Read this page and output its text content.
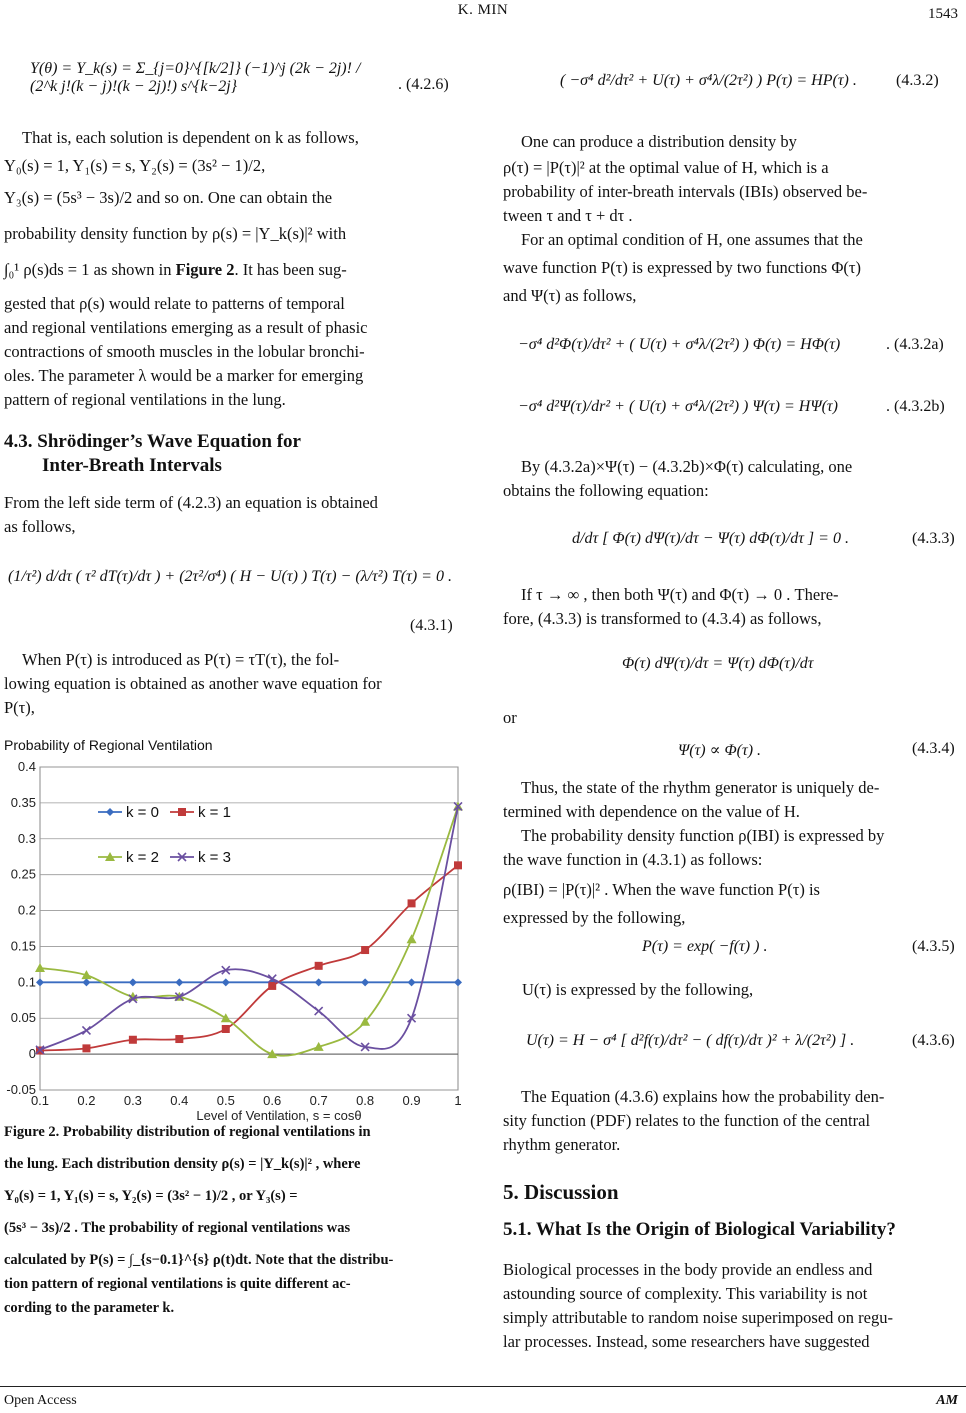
K. MIN	1543
Y(θ) = Y_k(s) = Σ_{j=0}^{[k/2]} (−1)^j (2k − 2j)! / (2^k j!(k − j)!(k − 2j)!) s^{k−2j}	. (4.2.6)
That is, each solution is dependent on k as follows,
Y₀(s) = 1, Y₁(s) = s, Y₂(s) = (3s² − 1)/2,
Y₃(s) = (5s³ − 3s)/2 and so on. One can obtain the
probability density function by ρ(s) = |Y_k(s)|² with
∫₀¹ ρ(s)ds = 1 as shown in Figure 2. It has been sug-
gested that ρ(s) would relate to patterns of temporal
and regional ventilations emerging as a result of phasic
contractions of smooth muscles in the lobular bronchi-
oles. The parameter λ would be a marker for emerging
pattern of regional ventilations in the lung.
4.3. Shrödinger’s Wave Equation for
Inter-Breath Intervals
From the left side term of (4.2.3) an equation is obtained
as follows,
(1/τ²) d/dτ ( τ² dT(τ)/dτ ) + (2τ²/σ⁴) ( H − U(τ) ) T(τ) − (λ/τ²) T(τ) = 0 .
(4.3.1)
When P(τ) is introduced as P(τ) = τT(τ), the fol-
lowing equation is obtained as another wave equation for
P(τ),
Probability of Regional Ventilation
-0.05
0
0.05
0.1
0.15
0.2
0.25
0.3
0.35
0.4
0.1 0.2 0.3 0.4 0.5 0.6 0.7 0.8 0.9	1
Level of Ventilation, s = cosθ
k = 0	k = 1
k = 2	k = 3
Figure 2. Probability distribution of regional ventilations in
the lung. Each distribution density ρ(s) = |Y_k(s)|² , where
Y₀(s) = 1, Y₁(s) = s, Y₂(s) = (3s² − 1)/2 , or Y₃(s) =
(5s³ − 3s)/2 . The probability of regional ventilations was
calculated by P(s) = ∫_{s−0.1}^{s} ρ(t)dt. Note that the distribu-
tion pattern of regional ventilations is quite different ac-
cording to the parameter k.
( −σ⁴ d²/dτ² + U(τ) + σ⁴λ/(2τ²) ) P(τ) = HP(τ) .	(4.3.2)
One can produce a distribution density by
ρ(τ) = |P(τ)|² at the optimal value of H, which is a
probability of inter-breath intervals (IBIs) observed be-
tween τ and τ + dτ .
For an optimal condition of H, one assumes that the
wave function P(τ) is expressed by two functions Φ(τ)
and Ψ(τ) as follows,
−σ⁴ d²Φ(τ)/dτ² + ( U(τ) + σ⁴λ/(2τ²) ) Φ(τ) = HΦ(τ)	. (4.3.2a)
−σ⁴ d²Ψ(τ)/dr² + ( U(τ) + σ⁴λ/(2τ²) ) Ψ(τ) = HΨ(τ)	. (4.3.2b)
By (4.3.2a)×Ψ(τ) − (4.3.2b)×Φ(τ) calculating, one
obtains the following equation:
d/dτ [ Φ(τ) dΨ(τ)/dτ − Ψ(τ) dΦ(τ)/dτ ] = 0 .	(4.3.3)
If τ → ∞ , then both Ψ(τ) and Φ(τ) → 0 . There-
fore, (4.3.3) is transformed to (4.3.4) as follows,
Φ(τ) dΨ(τ)/dτ = Ψ(τ) dΦ(τ)/dτ
or
Ψ(τ) ∝ Φ(τ) .	(4.3.4)
Thus, the state of the rhythm generator is uniquely de-
termined with dependence on the value of H.
The probability density function ρ(IBI) is expressed by
the wave function in (4.3.1) as follows:
ρ(IBI) = |P(τ)|² . When the wave function P(τ) is
expressed by the following,
P(τ) = exp( −f(τ) ) .	(4.3.5)
U(τ) is expressed by the following,
U(τ) = H − σ⁴ [ d²f(τ)/dτ² − ( df(τ)/dτ )² + λ/(2τ²) ] .	(4.3.6)
The Equation (4.3.6) explains how the probability den-
sity function (PDF) relates to the function of the central
rhythm generator.
5. Discussion
5.1. What Is the Origin of Biological Variability?
Biological processes in the body provide an endless and
astounding source of complexity. This variability is not
simply attributable to random noise superimposed on regu-
lar processes. Instead, some researchers have suggested
Open Access	AM
